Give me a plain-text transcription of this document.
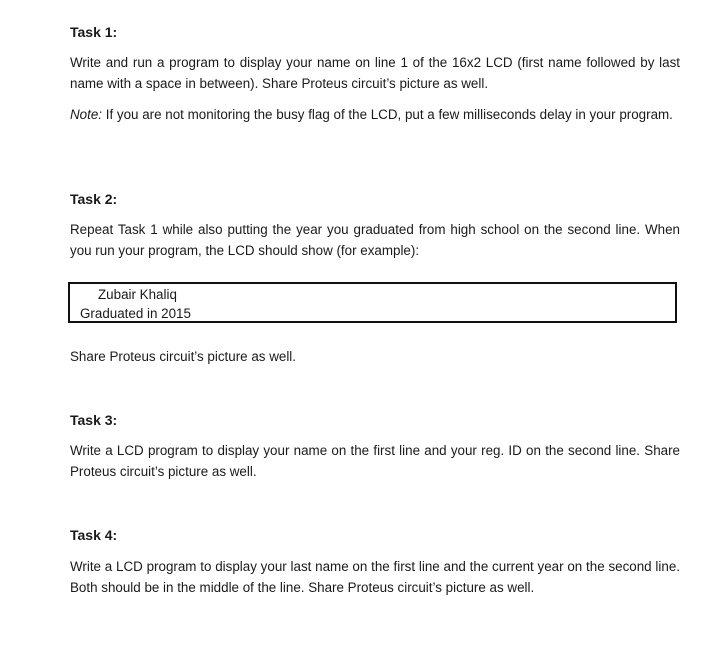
Task 1:

Write and run a program to display your name on line 1 of the 16x2 LCD (first name followed by last name with a space in between). Share Proteus circuit’s picture as well.

Note: If you are not monitoring the busy flag of the LCD, put a few milliseconds delay in your program.

Task 2:

Repeat Task 1 while also putting the year you graduated from high school on the second line. When you run your program, the LCD should show (for example):

Zubair Khaliq
Graduated in 2015

Share Proteus circuit’s picture as well.

Task 3:

Write a LCD program to display your name on the first line and your reg. ID on the second line. Share Proteus circuit’s picture as well.

Task 4:

Write a LCD program to display your last name on the first line and the current year on the second line. Both should be in the middle of the line. Share Proteus circuit’s picture as well.
